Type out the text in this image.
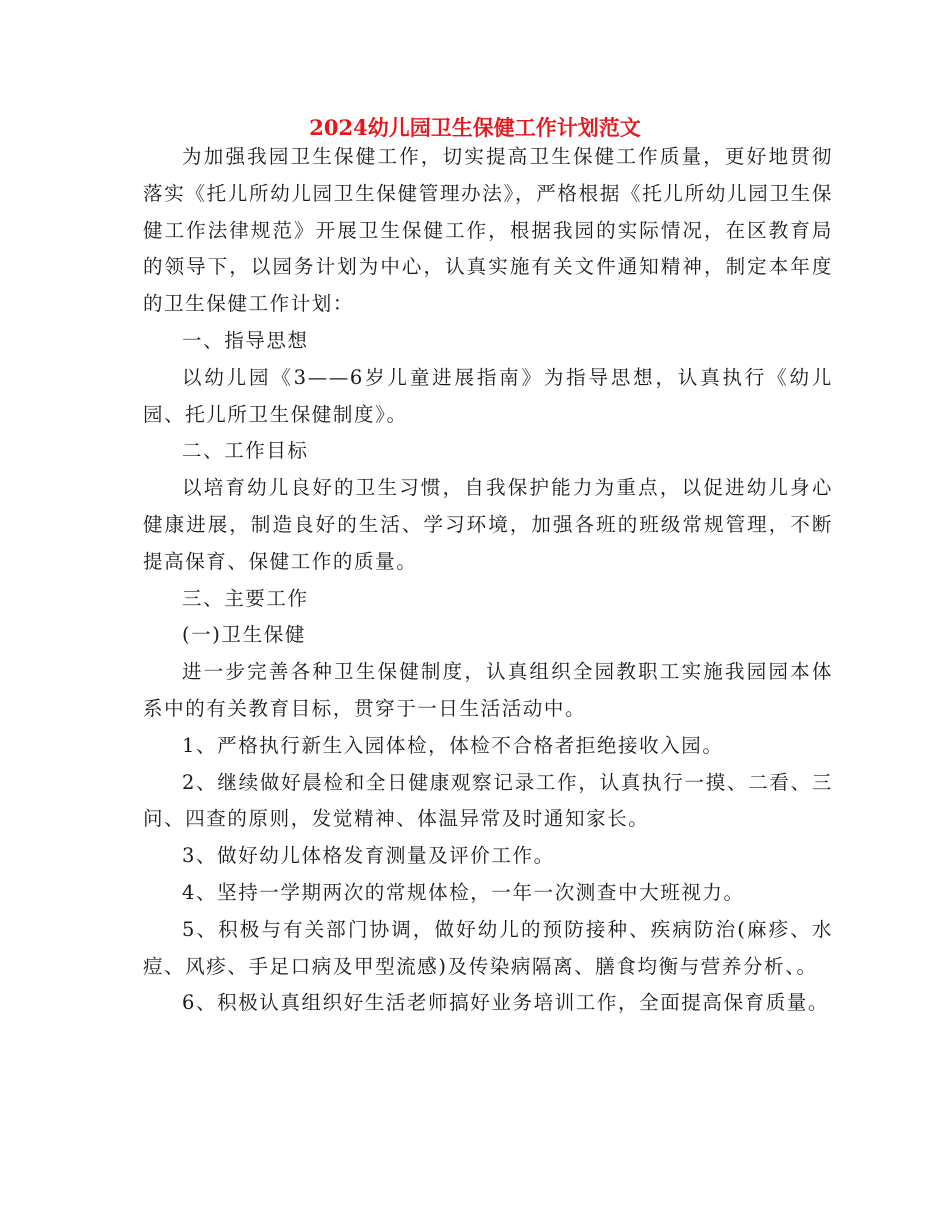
2024幼儿园卫生保健工作计划范文

为加强我园卫生保健工作，切实提高卫生保健工作质量，更好地贯彻落实《托儿所幼儿园卫生保健管理办法》，严格根据《托儿所幼儿园卫生保健工作法律规范》开展卫生保健工作，根据我园的实际情况，在区教育局的领导下，以园务计划为中心，认真实施有关文件通知精神，制定本年度的卫生保健工作计划：

一、指导思想

以幼儿园《3——6岁儿童进展指南》为指导思想，认真执行《幼儿园、托儿所卫生保健制度》。

二、工作目标

以培育幼儿良好的卫生习惯，自我保护能力为重点，以促进幼儿身心健康进展，制造良好的生活、学习环境，加强各班的班级常规管理，不断提高保育、保健工作的质量。

三、主要工作

(一)卫生保健

进一步完善各种卫生保健制度，认真组织全园教职工实施我园园本体系中的有关教育目标，贯穿于一日生活活动中。

1、严格执行新生入园体检，体检不合格者拒绝接收入园。

2、继续做好晨检和全日健康观察记录工作，认真执行一摸、二看、三问、四查的原则，发觉精神、体温异常及时通知家长。

3、做好幼儿体格发育测量及评价工作。

4、坚持一学期两次的常规体检，一年一次测查中大班视力。

5、积极与有关部门协调，做好幼儿的预防接种、疾病防治(麻疹、水痘、风疹、手足口病及甲型流感)及传染病隔离、膳食均衡与营养分析、。

6、积极认真组织好生活老师搞好业务培训工作，全面提高保育质量。
